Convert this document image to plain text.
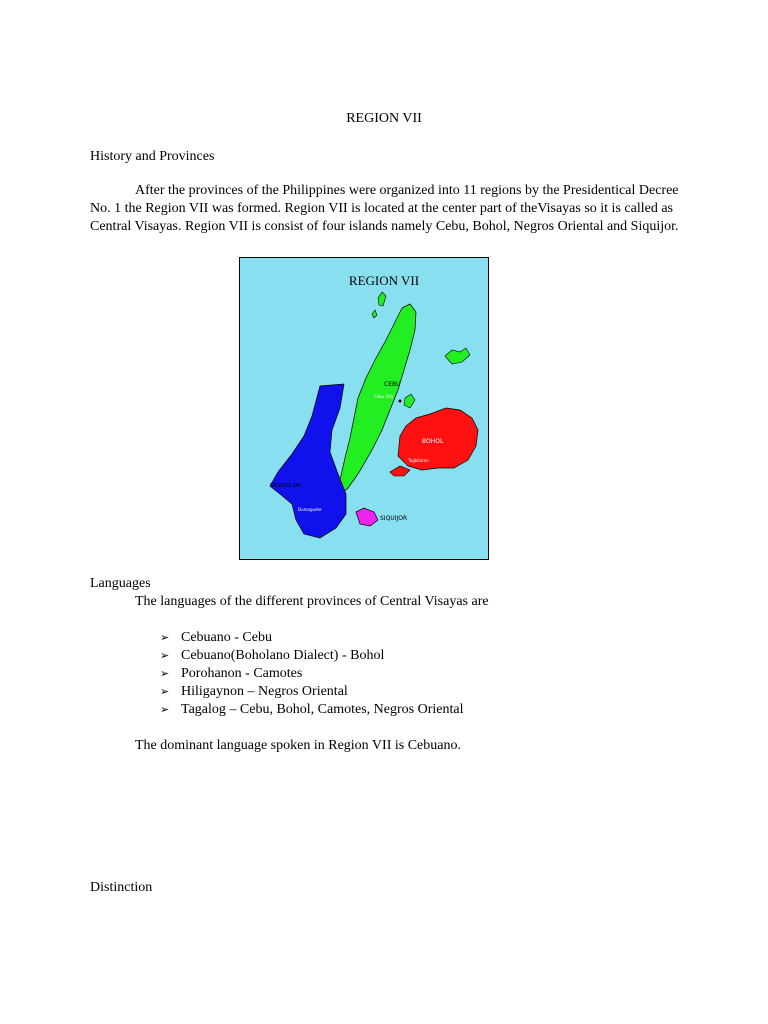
REGION VII
History and Provinces
After the provinces of the Philippines were organized into 11 regions by the Presidentical Decree No. 1 the Region VII was formed. Region VII is located at the center part of theVisayas so it is called as Central Visayas. Region VII is consist of four islands namely Cebu, Bohol, Negros Oriental and Siquijor.
REGION VII
CEBU
Cebu City
BOHOL
Tagbilaran
NEGROS OR.
Dumaguete
SIQUIJOR
Languages
The languages of the different provinces of Central Visayas are
➢ Cebuano - Cebu
➢ Cebuano(Boholano Dialect) - Bohol
➢ Porohanon - Camotes
➢ Hiligaynon – Negros Oriental
➢ Tagalog – Cebu, Bohol, Camotes, Negros Oriental
The dominant language spoken in Region VII is Cebuano.
Distinction
